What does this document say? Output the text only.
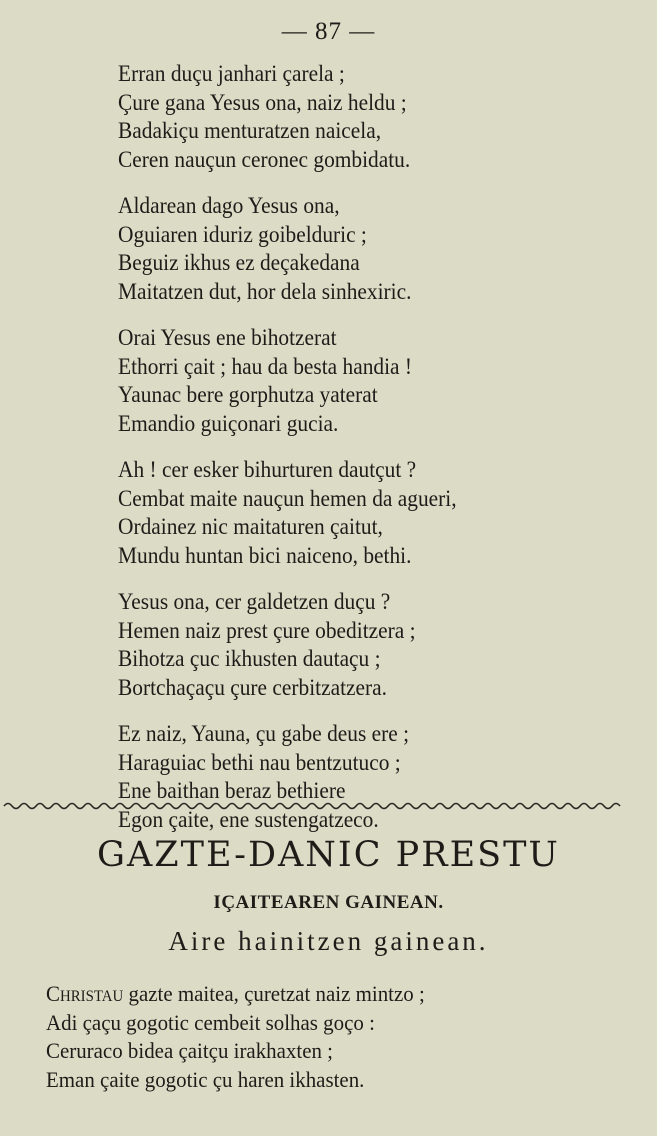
— 87 —
Erran duçu janhari çarela ;
Çure gana Yesus ona, naiz heldu ;
Badakiçu menturatzen naicela,
Ceren nauçun ceronec gombidatu.
Aldarean dago Yesus ona,
Oguiaren iduriz goibelduric ;
Beguiz ikhus ez deçakedana
Maitatzen dut, hor dela sinhexiric.
Orai Yesus ene bihotzerat
Ethorri çait ; hau da besta handia !
Yaunac bere gorphutza yaterat
Emandio guiçonari gucia.
Ah ! cer esker bihurturen dautçut ?
Cembat maite nauçun hemen da agueri,
Ordainez nic maitaturen çaitut,
Mundu huntan bici naiceno, bethi.
Yesus ona, cer galdetzen duçu ?
Hemen naiz prest çure obeditzera ;
Bihotza çuc ikhusten dautaçu ;
Bortchaçaçu çure cerbitzatzera.
Ez naiz, Yauna, çu gabe deus ere ;
Haraguiac bethi nau bentzutuco ;
Ene baithan beraz bethiere
Egon çaite, ene sustengatzeco.
GAZTE-DANIC PRESTU
IÇAITEAREN GAINEAN.
Aire hainitzen gainean.
Christau gazte maitea, çuretzat naiz mintzo ;
Adi çaçu gogotic cembeit solhas goço :
Ceruraco bidea çaitçu irakhaxten ;
Eman çaite gogotic çu haren ikhasten.
